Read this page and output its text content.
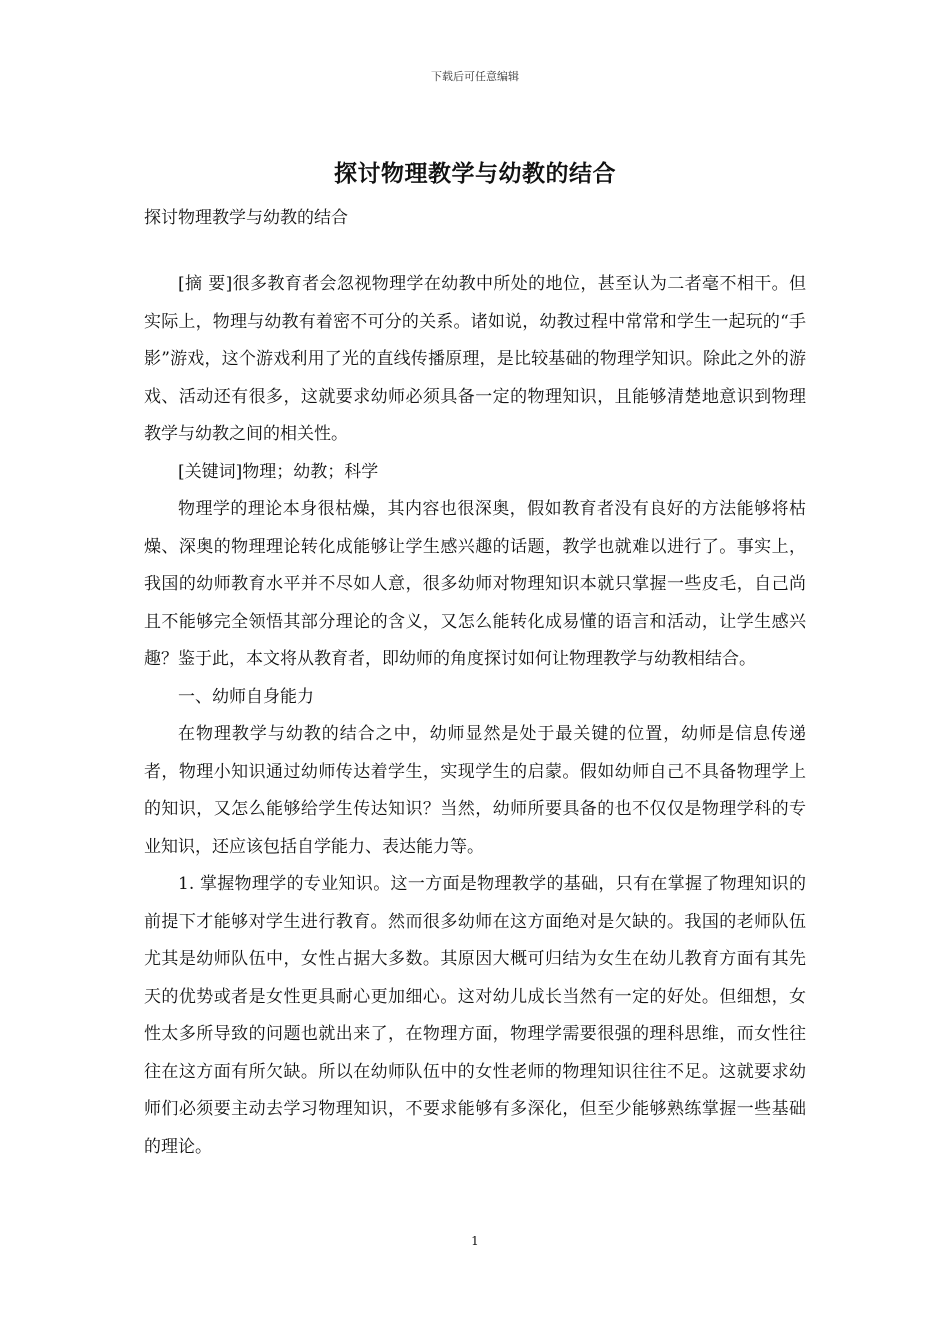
下载后可任意编辑
探讨物理教学与幼教的结合
探讨物理教学与幼教的结合

[摘 要]很多教育者会忽视物理学在幼教中所处的地位，甚至认为二者毫不相干。但实际上，物理与幼教有着密不可分的关系。诸如说，幼教过程中常常和学生一起玩的“手影”游戏，这个游戏利用了光的直线传播原理，是比较基础的物理学知识。除此之外的游戏、活动还有很多，这就要求幼师必须具备一定的物理知识，且能够清楚地意识到物理教学与幼教之间的相关性。

[关键词]物理；幼教；科学

物理学的理论本身很枯燥，其内容也很深奥，假如教育者没有良好的方法能够将枯燥、深奥的物理理论转化成能够让学生感兴趣的话题，教学也就难以进行了。事实上，我国的幼师教育水平并不尽如人意，很多幼师对物理知识本就只掌握一些皮毛，自己尚且不能够完全领悟其部分理论的含义，又怎么能转化成易懂的语言和活动，让学生感兴趣？鉴于此，本文将从教育者，即幼师的角度探讨如何让物理教学与幼教相结合。

一、幼师自身能力

在物理教学与幼教的结合之中，幼师显然是处于最关键的位置，幼师是信息传递者，物理小知识通过幼师传达着学生，实现学生的启蒙。假如幼师自己不具备物理学上的知识，又怎么能够给学生传达知识？当然，幼师所要具备的也不仅仅是物理学科的专业知识，还应该包括自学能力、表达能力等。

1. 掌握物理学的专业知识。这一方面是物理教学的基础，只有在掌握了物理知识的前提下才能够对学生进行教育。然而很多幼师在这方面绝对是欠缺的。我国的老师队伍尤其是幼师队伍中，女性占据大多数。其原因大概可归结为女生在幼儿教育方面有其先天的优势或者是女性更具耐心更加细心。这对幼儿成长当然有一定的好处。但细想，女性太多所导致的问题也就出来了，在物理方面，物理学需要很强的理科思维，而女性往往在这方面有所欠缺。所以在幼师队伍中的女性老师的物理知识往往不足。这就要求幼师们必须要主动去学习物理知识，不要求能够有多深化，但至少能够熟练掌握一些基础的理论。

1
